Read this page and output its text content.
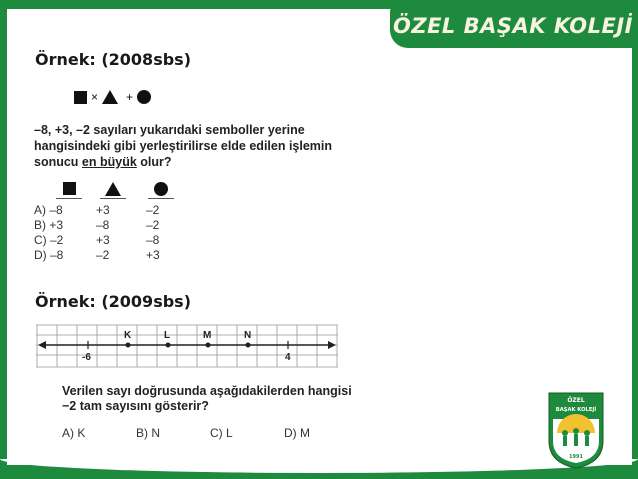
ÖZEL BAŞAK KOLEJİ
Örnek: (2008sbs)
× +
–8, +3, –2 sayıları yukarıdaki semboller yerine hangisindeki gibi yerleştirilirse elde edilen işlemin sonucu en büyük olur?
A) –8	+3	–2
B) +3	–8	–2
C) –2	+3	–8
D) –8	–2	+3
Örnek: (2009sbs)
K	L	M	N
-6	4
Verilen sayı doğrusunda aşağıdakilerden hangisi −2 tam sayısını gösterir?
A) K	B) N	C) L	D) M
ÖZEL
BAŞAK KOLEJİ
1991
